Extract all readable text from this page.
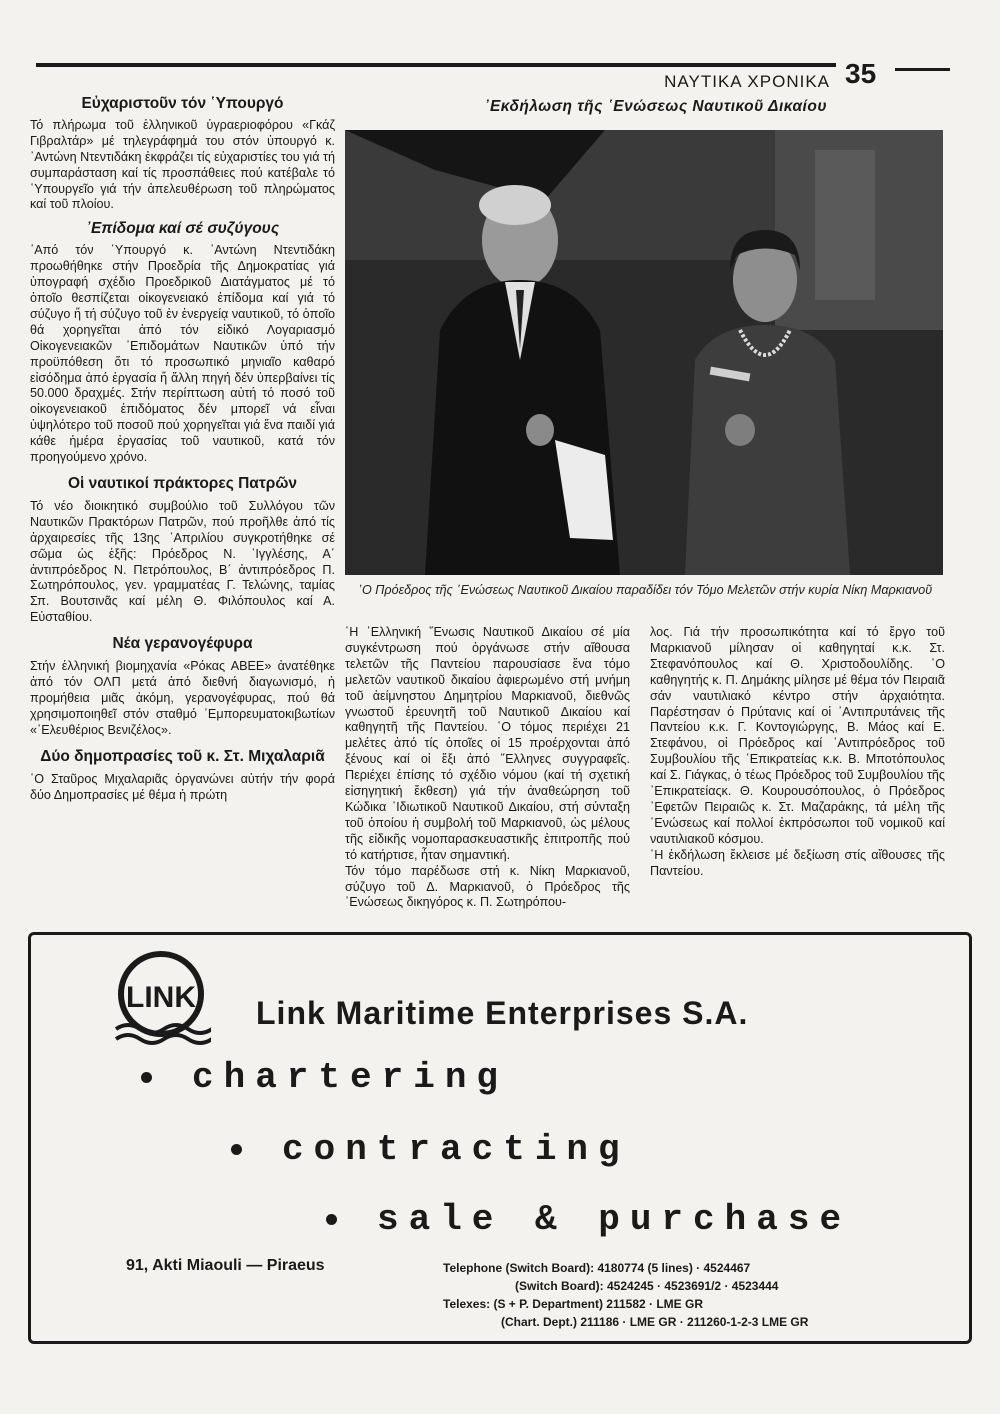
ΝΑΥΤΙΚΑ ΧΡΟΝΙΚΑ 35
Εὐχαριστοῦν τόν ῾Υπουργό

Τό πλήρωμα τοῦ ἑλληνικοῦ ὑγραεριοφόρου «Γκάζ Γιβραλτάρ» μέ τηλεγράφημά του στόν ὑπουργό κ. ᾿Αντώνη Ντεντιδάκη ἐκφράζει τίς εὐχαριστίες του γιά τή συμπαράσταση καί τίς προσπάθειες πού κατέβαλε τό ῾Υπουργεῖο γιά τήν ἀπελευθέρωση τοῦ πληρώματος καί τοῦ πλοίου.

᾿Επίδομα καί σέ συζύγους

᾿Από τόν ῾Υπουργό κ. ᾿Αντώνη Ντεντιδάκη προωθήθηκε στήν Προεδρία τῆς Δημοκρατίας γιά ὑπογραφή σχέδιο Προεδρικοῦ Διατάγματος μέ τό ὁποῖο θεσπίζεται οἰκογενειακό ἐπίδομα καί γιά τό σύζυγο ἤ τή σύζυγο τοῦ ἐν ἐνεργείᾳ ναυτικοῦ, τό ὁποῖο θά χορηγεῖται ἀπό τόν εἰδικό Λογαριασμό Οἰκογενειακῶν ᾿Επιδομάτων Ναυτικῶν ὑπό τήν προϋπόθεση ὅτι τό προσωπικό μηνιαῖο καθαρό εἰσόδημα ἀπό ἐργασία ἤ ἄλλη πηγή δέν ὑπερβαίνει τίς 50.000 δραχμές. Στήν περίπτωση αὐτή τό ποσό τοῦ οἰκογενειακοῦ ἐπιδόματος δέν μπορεῖ νά εἶναι ὑψηλότερο τοῦ ποσοῦ πού χορηγεῖται γιά ἕνα παιδί γιά κάθε ἡμέρα ἐργασίας τοῦ ναυτικοῦ, κατά τόν προηγούμενο χρόνο.

Οἱ ναυτικοί πράκτορες Πατρῶν

Τό νέο διοικητικό συμβούλιο τοῦ Συλλόγου τῶν Ναυτικῶν Πρακτόρων Πατρῶν, πού προῆλθε ἀπό τίς ἀρχαιρεσίες τῆς 13ης ᾿Απριλίου συγκροτήθηκε σέ σῶμα ὡς ἑξῆς: Πρόεδρος Ν. ᾿Ιγγλέσης, Α΄ ἀντιπρόεδρος Ν. Πετρόπουλος, Β΄ ἀντιπρόεδρος Π. Σωτηρόπουλος, γεν. γραμματέας Γ. Τελώνης, ταμίας Σπ. Βουτσινᾶς καί μέλη Θ. Φιλόπουλος καί Α. Εὐσταθίου.

Νέα γερανογέφυρα

Στήν ἑλληνική βιομηχανία «Ρόκας ΑΒΕΕ» ἀνατέθηκε ἀπό τόν ΟΛΠ μετά ἀπό διεθνή διαγωνισμό, ἡ προμήθεια μιᾶς ἀκόμη, γερανογέφυρας, πού θά χρησιμοποιηθεῖ στόν σταθμό ᾿Εμπορευματοκιβωτίων «᾿Ελευθέριος Βενιζέλος».

Δύο δημοπρασίες τοῦ κ. Στ. Μιχαλαριᾶ

῾Ο Σταῦρος Μιχαλαριᾶς ὀργανώνει αὐτήν τήν φορά δύο Δημοπρασίες μέ θέμα ἡ πρώτη

᾿Εκδήλωση τῆς ῾Ενώσεως Ναυτικοῦ Δικαίου
῾Ο Πρόεδρος τῆς ῾Ενώσεως Ναυτικοῦ Δικαίου παραδίδει τόν Τόμο Μελετῶν στήν κυρία Νίκη Μαρκιανοῦ

῾Η ᾿Ελληνική ῞Ενωσις Ναυτικοῦ Δικαίου σέ μία συγκέντρωση πού ὀργάνωσε στήν αἴθουσα τελετῶν τῆς Παντείου παρουσίασε ἕνα τόμο μελετῶν ναυτικοῦ δικαίου ἀφιερωμένο στή μνήμη τοῦ ἀείμνηστου Δημητρίου Μαρκιανοῦ, διεθνῶς γνωστοῦ ἐρευνητῆ τοῦ Ναυτικοῦ Δικαίου καί καθηγητῆ τῆς Παντείου. ῾Ο τόμος περιέχει 21 μελέτες ἀπό τίς ὁποῖες οἱ 15 προέρχονται ἀπό ξένους καί οἱ ἕξι ἀπό ῞Ελληνες συγγραφεῖς. Περιέχει ἐπίσης τό σχέδιο νόμου (καί τή σχετική εἰσηγητική ἔκθεση) γιά τήν ἀναθεώρηση τοῦ Κώδικα ᾿Ιδιωτικοῦ Ναυτικοῦ Δικαίου, στή σύνταξη τοῦ ὁποίου ἡ συμβολή τοῦ Μαρκιανοῦ, ὡς μέλους τῆς εἰδικῆς νομοπαρασκευαστικῆς ἐπιτροπῆς πού τό κατήρτισε, ἦταν σημαντική.

Τόν τόμο παρέδωσε στή κ. Νίκη Μαρκιανοῦ, σύζυγο τοῦ Δ. Μαρκιανοῦ, ὁ Πρόεδρος τῆς ῾Ενώσεως δικηγόρος κ. Π. Σωτηρόπου-

λος. Γιά τήν προσωπικότητα καί τό ἔργο τοῦ Μαρκιανοῦ μίλησαν οἱ καθηγηταί κ.κ. Στ. Στεφανόπουλος καί Θ. Χριστοδουλίδης. ῾Ο καθηγητής κ. Π. Δημάκης μίλησε μέ θέμα τόν Πειραιᾶ σάν ναυτιλιακό κέντρο στήν ἀρχαιότητα. Παρέστησαν ὁ Πρύτανις καί οἱ ᾿Αντιπρυτάνεις τῆς Παντείου κ.κ. Γ. Κοντογιώργης, Β. Μάος καί Ε. Στεφάνου, οἱ Πρόεδρος καί ᾿Αντιπρόεδρος τοῦ Συμβουλίου τῆς ᾿Επικρατείας κ.κ. Β. Μποτόπουλος καί Σ. Γιάγκας, ὁ τέως Πρόεδρος τοῦ Συμβουλίου τῆς ᾿Επικρατείαςκ. Θ. Κουρουσόπουλος, ὁ Πρόεδρος ᾿Εφετῶν Πειραιῶς κ. Στ. Μαζαράκης, τά μέλη τῆς ῾Ενώσεως καί πολλοί ἐκπρόσωποι τοῦ νομικοῦ καί ναυτιλιακοῦ κόσμου.

῾Η ἐκδήλωση ἔκλεισε μέ δεξίωση στίς αἴθουσες τῆς Παντείου.

LINK Link Maritime Enterprises S.A.
chartering
contracting
sale & purchase
91, Akti Miaouli — Piraeus	Telephone (Switch Board): 4180774 (5 lines) · 4524467
(Switch Board): 4524245 · 4523691/2 · 4523444
Telexes: (S + P. Department) 211582 · LME GR
(Chart. Dept.) 211186 · LME GR · 211260-1-2-3 LME GR
